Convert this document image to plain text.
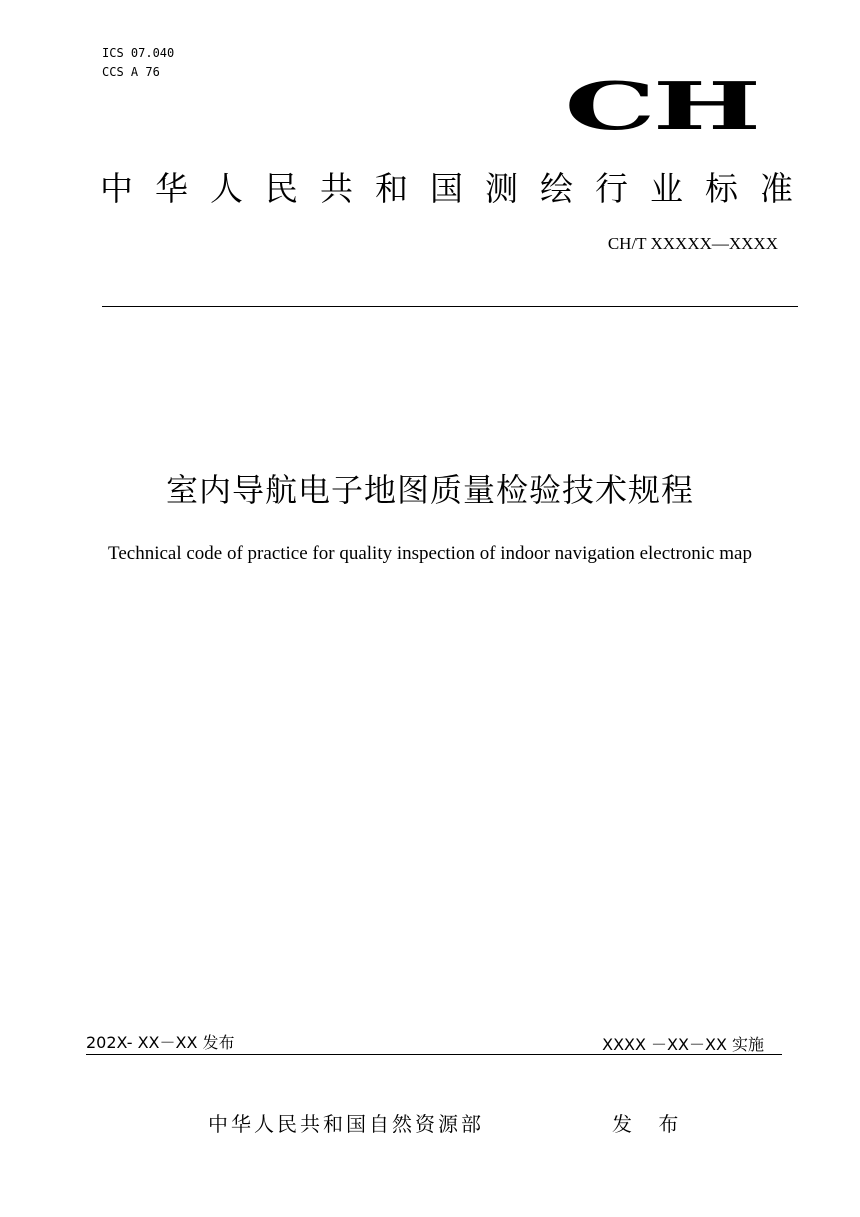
ICS 07.040
CCS A 76	CH
中华人民共和国测绘行业标准
CH/T XXXXX—XXXX
室内导航电子地图质量检验技术规程
Technical code of practice for quality inspection of indoor navigation electronic map
202X- XX－XX 发布	XXXX －XX－XX 实施
中华人民共和国自然资源部	发 布
